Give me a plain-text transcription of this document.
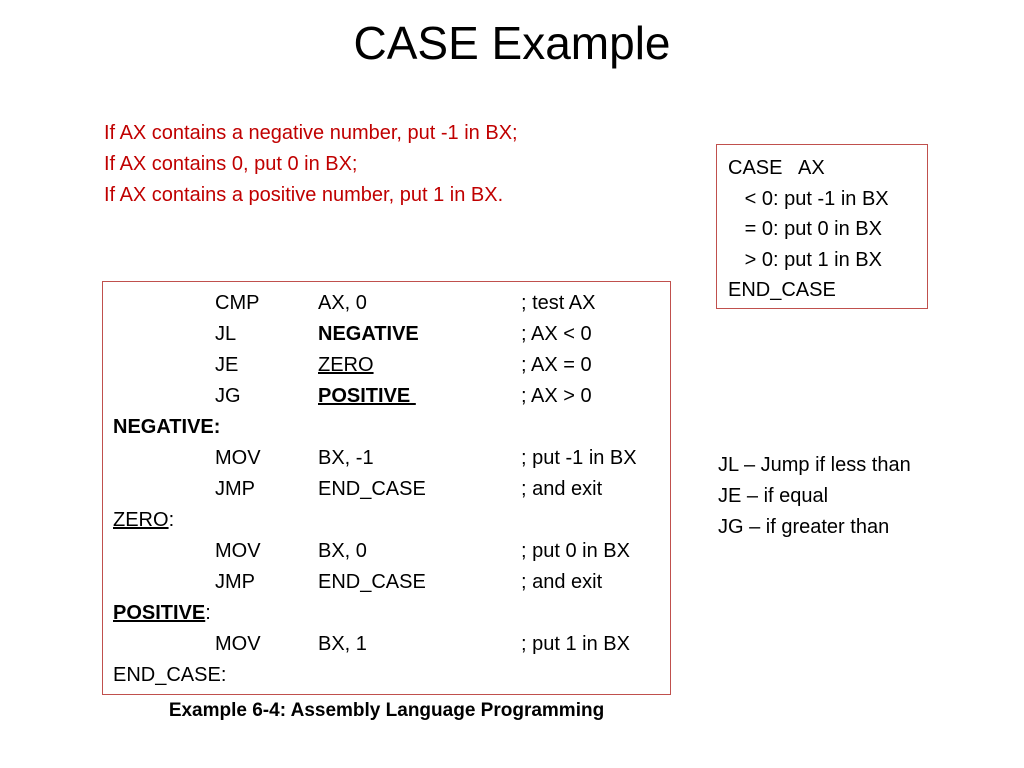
CASE Example
If AX contains a negative number, put -1 in BX;
If AX contains 0, put 0 in BX;
If AX contains a positive number, put 1 in BX.
CASE   AX
< 0: put -1 in BX
= 0: put 0 in BX
> 0: put 1 in BX
END_CASE
CMP	AX, 0	; test AX
JL	NEGATIVE	; AX < 0
JE	ZERO	; AX = 0
JG	POSITIVE	; AX > 0
NEGATIVE:
MOV	BX, -1	; put -1 in BX
JMP	END_CASE	; and exit
ZERO:
MOV	BX, 0	; put 0 in BX
JMP	END_CASE	; and exit
POSITIVE:
MOV	BX, 1	; put 1 in BX
END_CASE:
JL – Jump if less than
JE – if equal
JG – if greater than
Example 6-4: Assembly Language Programming
